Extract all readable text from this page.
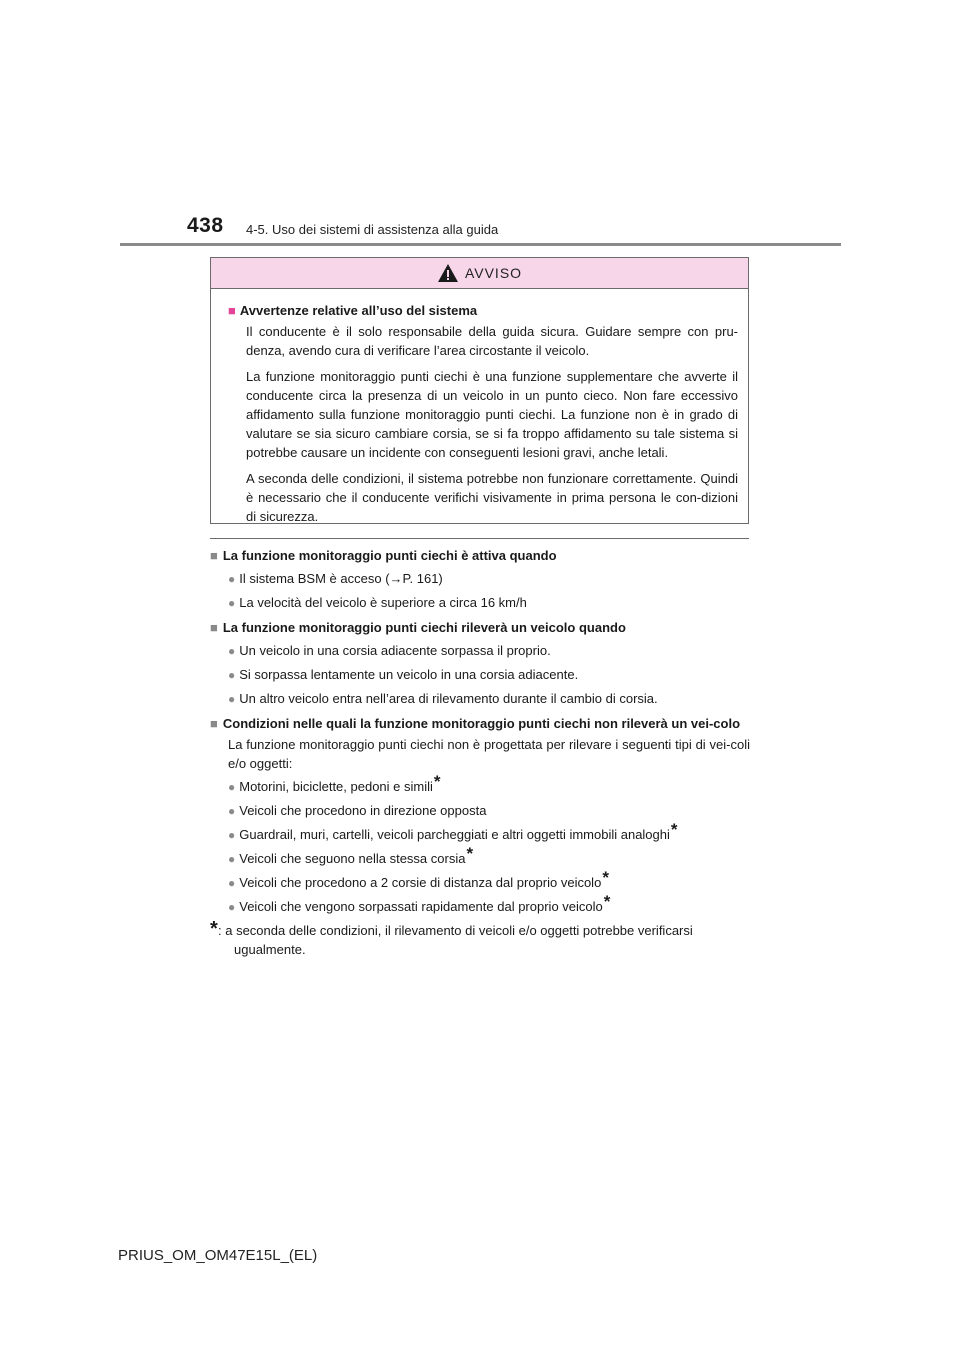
438 4-5. Uso dei sistemi di assistenza alla guida
AVVISO
■ Avvertenze relative all’uso del sistema

Il conducente è il solo responsabile della guida sicura. Guidare sempre con pru-denza, avendo cura di verificare l’area circostante il veicolo.

La funzione monitoraggio punti ciechi è una funzione supplementare che avverte il conducente circa la presenza di un veicolo in un punto cieco. Non fare eccessivo affidamento sulla funzione monitoraggio punti ciechi. La funzione non è in grado di valutare se sia sicuro cambiare corsia, se si fa troppo affidamento su tale sistema si potrebbe causare un incidente con conseguenti lesioni gravi, anche letali.

A seconda delle condizioni, il sistema potrebbe non funzionare correttamente. Quindi è necessario che il conducente verifichi visivamente in prima persona le con-dizioni di sicurezza.

■ La funzione monitoraggio punti ciechi è attiva quando
● Il sistema BSM è acceso (→P. 161)
● La velocità del veicolo è superiore a circa 16 km/h
■ La funzione monitoraggio punti ciechi rileverà un veicolo quando
● Un veicolo in una corsia adiacente sorpassa il proprio.
● Si sorpassa lentamente un veicolo in una corsia adiacente.
● Un altro veicolo entra nell’area di rilevamento durante il cambio di corsia.
■ Condizioni nelle quali la funzione monitoraggio punti ciechi non rileverà un vei-colo

La funzione monitoraggio punti ciechi non è progettata per rilevare i seguenti tipi di vei-coli e/o oggetti:

● Motorini, biciclette, pedoni e simili*
● Veicoli che procedono in direzione opposta
● Guardrail, muri, cartelli, veicoli parcheggiati e altri oggetti immobili analoghi*
● Veicoli che seguono nella stessa corsia*
● Veicoli che procedono a 2 corsie di distanza dal proprio veicolo*
● Veicoli che vengono sorpassati rapidamente dal proprio veicolo*
* : a seconda delle condizioni, il rilevamento di veicoli e/o oggetti potrebbe verificarsi
ugualmente.
PRIUS_OM_OM47E15L_(EL)
